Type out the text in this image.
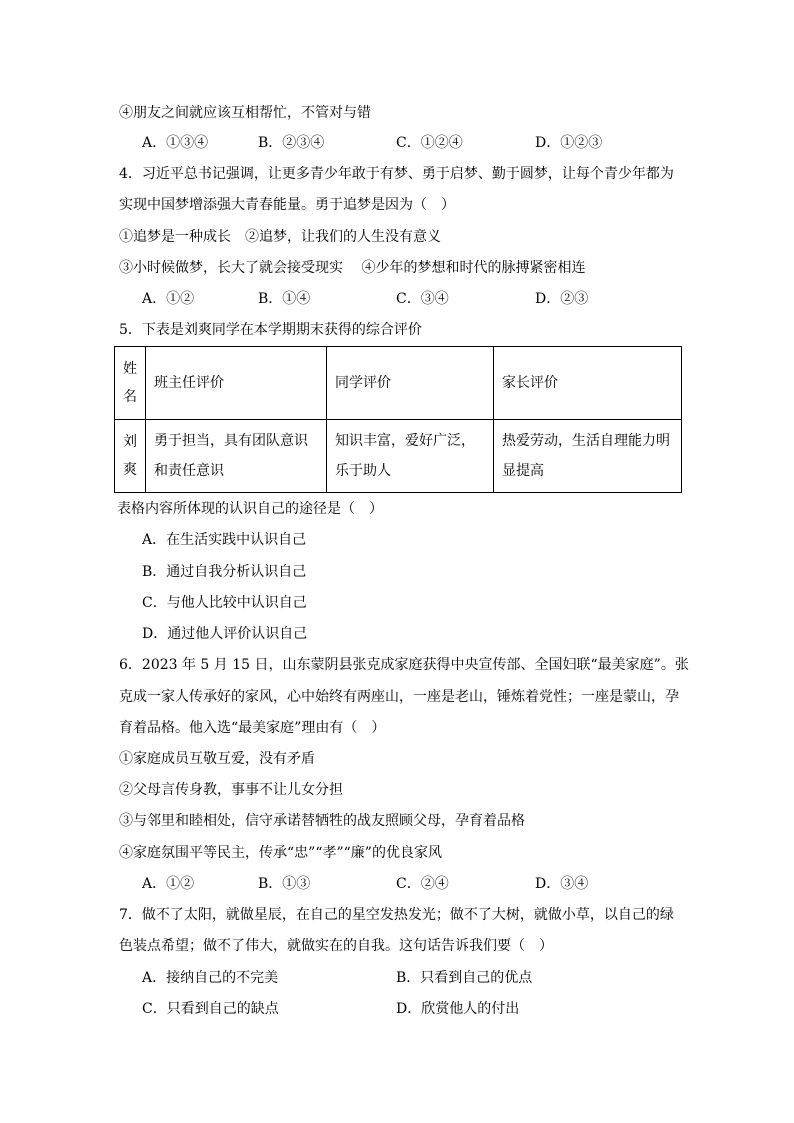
④朋友之间就应该互相帮忙，不管对与错
A．①③④	B．②③④	C．①②④	D．①②③
4．习近平总书记强调，让更多青少年敢于有梦、勇于启梦、勤于圆梦，让每个青少年都为
实现中国梦增添强大青春能量。勇于追梦是因为（　）
①追梦是一种成长　②追梦，让我们的人生没有意义
③小时候做梦，长大了就会接受现实　 ④少年的梦想和时代的脉搏紧密相连
A．①②	B．①④	C．③④	D．②③
5．下表是刘爽同学在本学期期末获得的综合评价
姓名	班主任评价	同学评价	家长评价
刘爽	勇于担当，具有团队意识和责任意识	知识丰富，爱好广泛，乐于助人	热爱劳动，生活自理能力明显提高
表格内容所体现的认识自己的途径是（　）
A．在生活实践中认识自己
B．通过自我分析认识自己
C．与他人比较中认识自己
D．通过他人评价认识自己
6．2023 年 5 月 15 日，山东蒙阴县张克成家庭获得中央宣传部、全国妇联“最美家庭”。张
克成一家人传承好的家风，心中始终有两座山，一座是老山，锤炼着党性；一座是蒙山，孕
育着品格。他入选“最美家庭”理由有（　）
①家庭成员互敬互爱，没有矛盾
②父母言传身教，事事不让儿女分担
③与邻里和睦相处，信守承诺替牺牲的战友照顾父母，孕育着品格
④家庭氛围平等民主，传承“忠”“孝”“廉”的优良家风
A．①②	B．①③	C．②④	D．③④
7．做不了太阳，就做星辰，在自己的星空发热发光；做不了大树，就做小草，以自己的绿
色装点希望；做不了伟大，就做实在的自我。这句话告诉我们要（　）
A．接纳自己的不完美	B．只看到自己的优点
C．只看到自己的缺点	D．欣赏他人的付出
